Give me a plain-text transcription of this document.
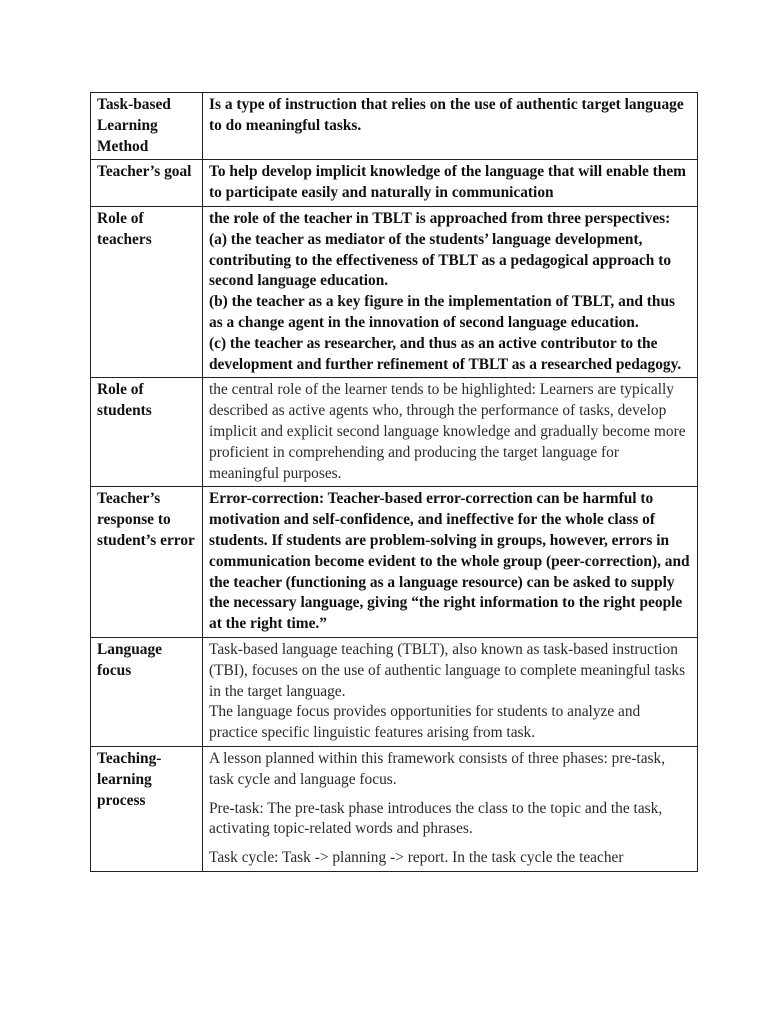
Task-based Learning Method	Is a type of instruction that relies on the use of authentic target language to do meaningful tasks.

Teacher’s goal	To help develop implicit knowledge of the language that will enable them to participate easily and naturally in communication

Role of teachers	the role of the teacher in TBLT is approached from three perspectives:
(a) the teacher as mediator of the students’ language development, contributing to the effectiveness of TBLT as a pedagogical approach to second language education.
(b) the teacher as a key figure in the implementation of TBLT, and thus as a change agent in the innovation of second language education.
(c) the teacher as researcher, and thus as an active contributor to the development and further refinement of TBLT as a researched pedagogy.

Role of students	the central role of the learner tends to be highlighted: Learners are typically described as active agents who, through the performance of tasks, develop implicit and explicit second language knowledge and gradually become more proficient in comprehending and producing the target language for meaningful purposes.

Teacher’s response to student’s error	Error-correction: Teacher-based error-correction can be harmful to motivation and self-confidence, and ineffective for the whole class of students. If students are problem-solving in groups, however, errors in communication become evident to the whole group (peer-correction), and the teacher (functioning as a language resource) can be asked to supply the necessary language, giving “the right information to the right people at the right time.”

Language focus	Task-based language teaching (TBLT), also known as task-based instruction (TBI), focuses on the use of authentic language to complete meaningful tasks in the target language.
The language focus provides opportunities for students to analyze and practice specific linguistic features arising from task.

Teaching-learning process	A lesson planned within this framework consists of three phases: pre-task, task cycle and language focus.
Pre-task: The pre-task phase introduces the class to the topic and the task, activating topic-related words and phrases.
Task cycle: Task -> planning -> report. In the task cycle the teacher
